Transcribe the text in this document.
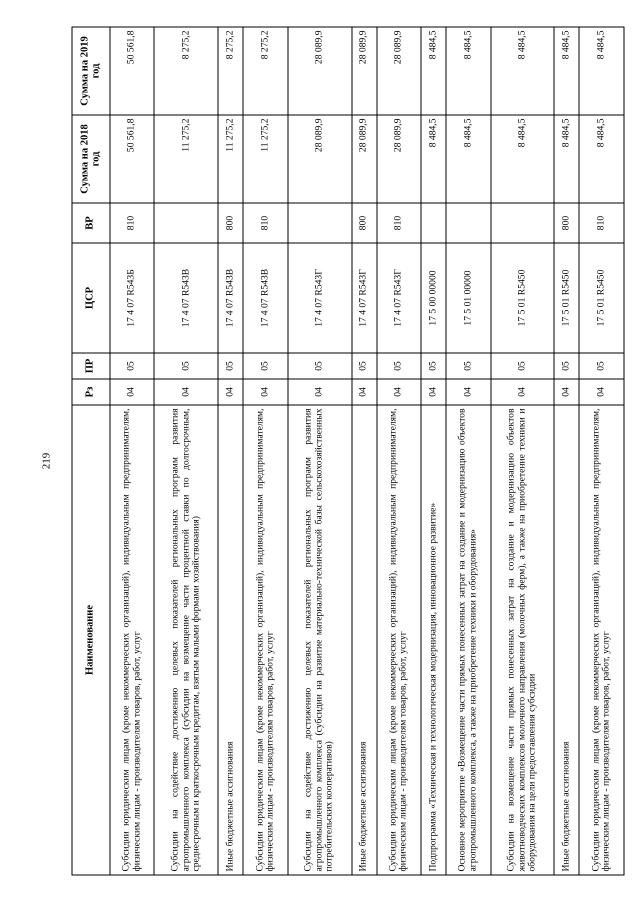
219
Наименование	Рз	ПР	ЦСР	ВР	Сумма на 2018 год	Сумма на 2019 год
Субсидии юридическим лицам (кроме некоммерческих организаций), индивидуальным предпринимателям, физическим лицам - производителям товаров, работ, услуг	04	05	17 4 07 R543Б	810	50 561,8	50 561,8
Субсидии на содействие достижению целевых показателей региональных программ развития агропромышленного комплекса (субсидии на возмещение части процентной ставки по долгосрочным, среднесрочным и краткосрочным кредитам, взятым малыми формами хозяйствования)	04	05	17 4 07 R543В		11 275,2	8 275,2
Иные бюджетные ассигнования	04	05	17 4 07 R543В	800	11 275,2	8 275,2
Субсидии юридическим лицам (кроме некоммерческих организаций), индивидуальным предпринимателям, физическим лицам - производителям товаров, работ, услуг	04	05	17 4 07 R543В	810	11 275,2	8 275,2
Субсидии на содействие достижению целевых показателей региональных программ развития агропромышленного комплекса (субсидии на развитие материально-технической базы сельскохозяйственных потребительских кооперативов)	04	05	17 4 07 R543Г		28 089,9	28 089,9
Иные бюджетные ассигнования	04	05	17 4 07 R543Г	800	28 089,9	28 089,9
Субсидии юридическим лицам (кроме некоммерческих организаций), индивидуальным предпринимателям, физическим лицам - производителям товаров, работ, услуг	04	05	17 4 07 R543Г	810	28 089,9	28 089,9
Подпрограмма «Техническая и технологическая модернизация, инновационное развитие»	04	05	17 5 00 00000		8 484,5	8 484,5
Основное мероприятие «Возмещение части прямых понесенных затрат на создание и модернизацию объектов агропромышленного комплекса, а также на приобретение техники и оборудования»	04	05	17 5 01 00000		8 484,5	8 484,5
Субсидии на возмещение части прямых понесенных затрат на создание и модернизацию объектов животноводческих комплексов молочного направления (молочных ферм), а также на приобретение техники и оборудования на цели предоставления субсидии	04	05	17 5 01 R5450		8 484,5	8 484,5
Иные бюджетные ассигнования	04	05	17 5 01 R5450	800	8 484,5	8 484,5
Субсидии юридическим лицам (кроме некоммерческих организаций), индивидуальным предпринимателям, физическим лицам - производителям товаров, работ, услуг	04	05	17 5 01 R5450	810	8 484,5	8 484,5
